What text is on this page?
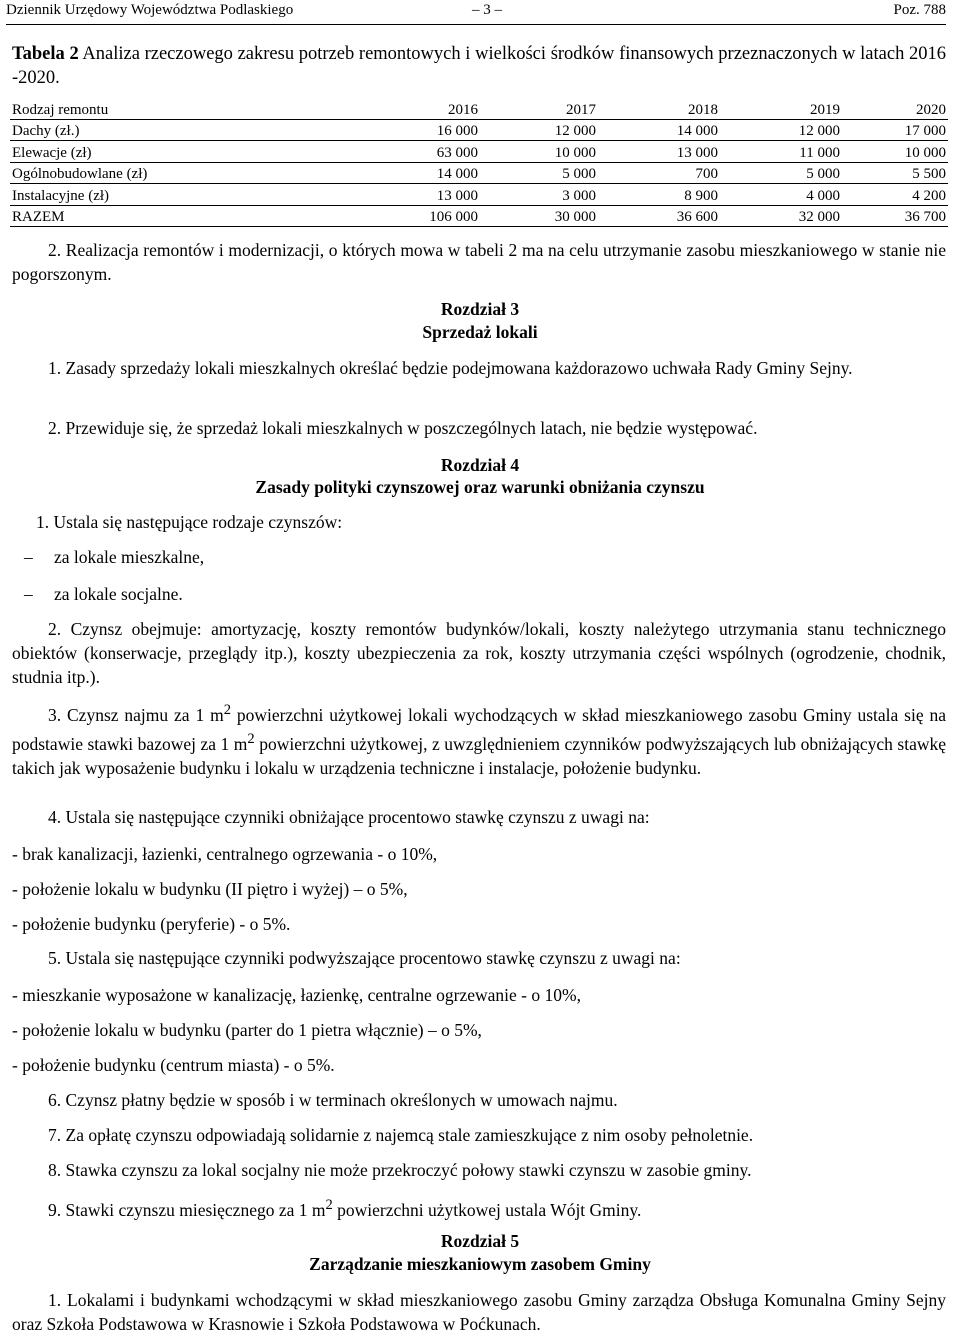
Dziennik Urzędowy Województwa Podlaskiego	– 3 –	Poz. 788
Tabela 2 Analiza rzeczowego zakresu potrzeb remontowych i wielkości środków finansowych przeznaczonych w latach 2016 -2020.
Rodzaj remontu	2016	2017	2018	2019	2020
Dachy (zł.)	16 000	12 000	14 000	12 000	17 000
Elewacje (zł)	63 000	10 000	13 000	11 000	10 000
Ogólnobudowlane (zł)	14 000	5 000	700	5 000	5 500
Instalacyjne (zł)	13 000	3 000	8 900	4 000	4 200
RAZEM	106 000	30 000	36 600	32 000	36 700
2. Realizacja remontów i modernizacji, o których mowa w tabeli 2 ma na celu utrzymanie zasobu mieszkaniowego w stanie nie pogorszonym.
Rozdział 3
Sprzedaż lokali
1. Zasady sprzedaży lokali mieszkalnych określać będzie podejmowana każdorazowo uchwała Rady Gminy Sejny.
2. Przewiduje się, że sprzedaż lokali mieszkalnych w poszczególnych latach, nie będzie występować.
Rozdział 4
Zasady polityki czynszowej oraz warunki obniżania czynszu
1. Ustala się następujące rodzaje czynszów:
– za lokale mieszkalne,
– za lokale socjalne.
2. Czynsz obejmuje: amortyzację, koszty remontów budynków/lokali, koszty należytego utrzymania stanu technicznego obiektów (konserwacje, przeglądy itp.), koszty ubezpieczenia za rok, koszty utrzymania części wspólnych (ogrodzenie, chodnik, studnia itp.).
3. Czynsz najmu za 1 $m^2$ powierzchni użytkowej lokali wychodzących w skład mieszkaniowego zasobu Gminy ustala się na podstawie stawki bazowej za 1 $m^2$ powierzchni użytkowej, z uwzględnieniem czynników podwyższających lub obniżających stawkę takich jak wyposażenie budynku i lokalu w urządzenia techniczne i instalacje, położenie budynku.
4. Ustala się następujące czynniki obniżające procentowo stawkę czynszu z uwagi na:
- brak kanalizacji, łazienki, centralnego ogrzewania - o 10%,
- położenie lokalu w budynku (II piętro i wyżej) – o 5%,
- położenie budynku (peryferie) - o 5%.
5. Ustala się następujące czynniki podwyższające procentowo stawkę czynszu z uwagi na:
- mieszkanie wyposażone w kanalizację, łazienkę, centralne ogrzewanie - o 10%,
- położenie lokalu w budynku (parter do 1 pietra włącznie) – o 5%,
- położenie budynku (centrum miasta) - o 5%.
6. Czynsz płatny będzie w sposób i w terminach określonych w umowach najmu.
7. Za opłatę czynszu odpowiadają solidarnie z najemcą stale zamieszkujące z nim osoby pełnoletnie.
8. Stawka czynszu za lokal socjalny nie może przekroczyć połowy stawki czynszu w zasobie gminy.
9. Stawki czynszu miesięcznego za 1 $m^2$ powierzchni użytkowej ustala Wójt Gminy.
Rozdział 5
Zarządzanie mieszkaniowym zasobem Gminy
1. Lokalami i budynkami wchodzącymi w skład mieszkaniowego zasobu Gminy zarządza Obsługa Komunalna Gminy Sejny oraz Szkoła Podstawowa w Krasnowie i Szkoła Podstawowa w Poćkunach.
